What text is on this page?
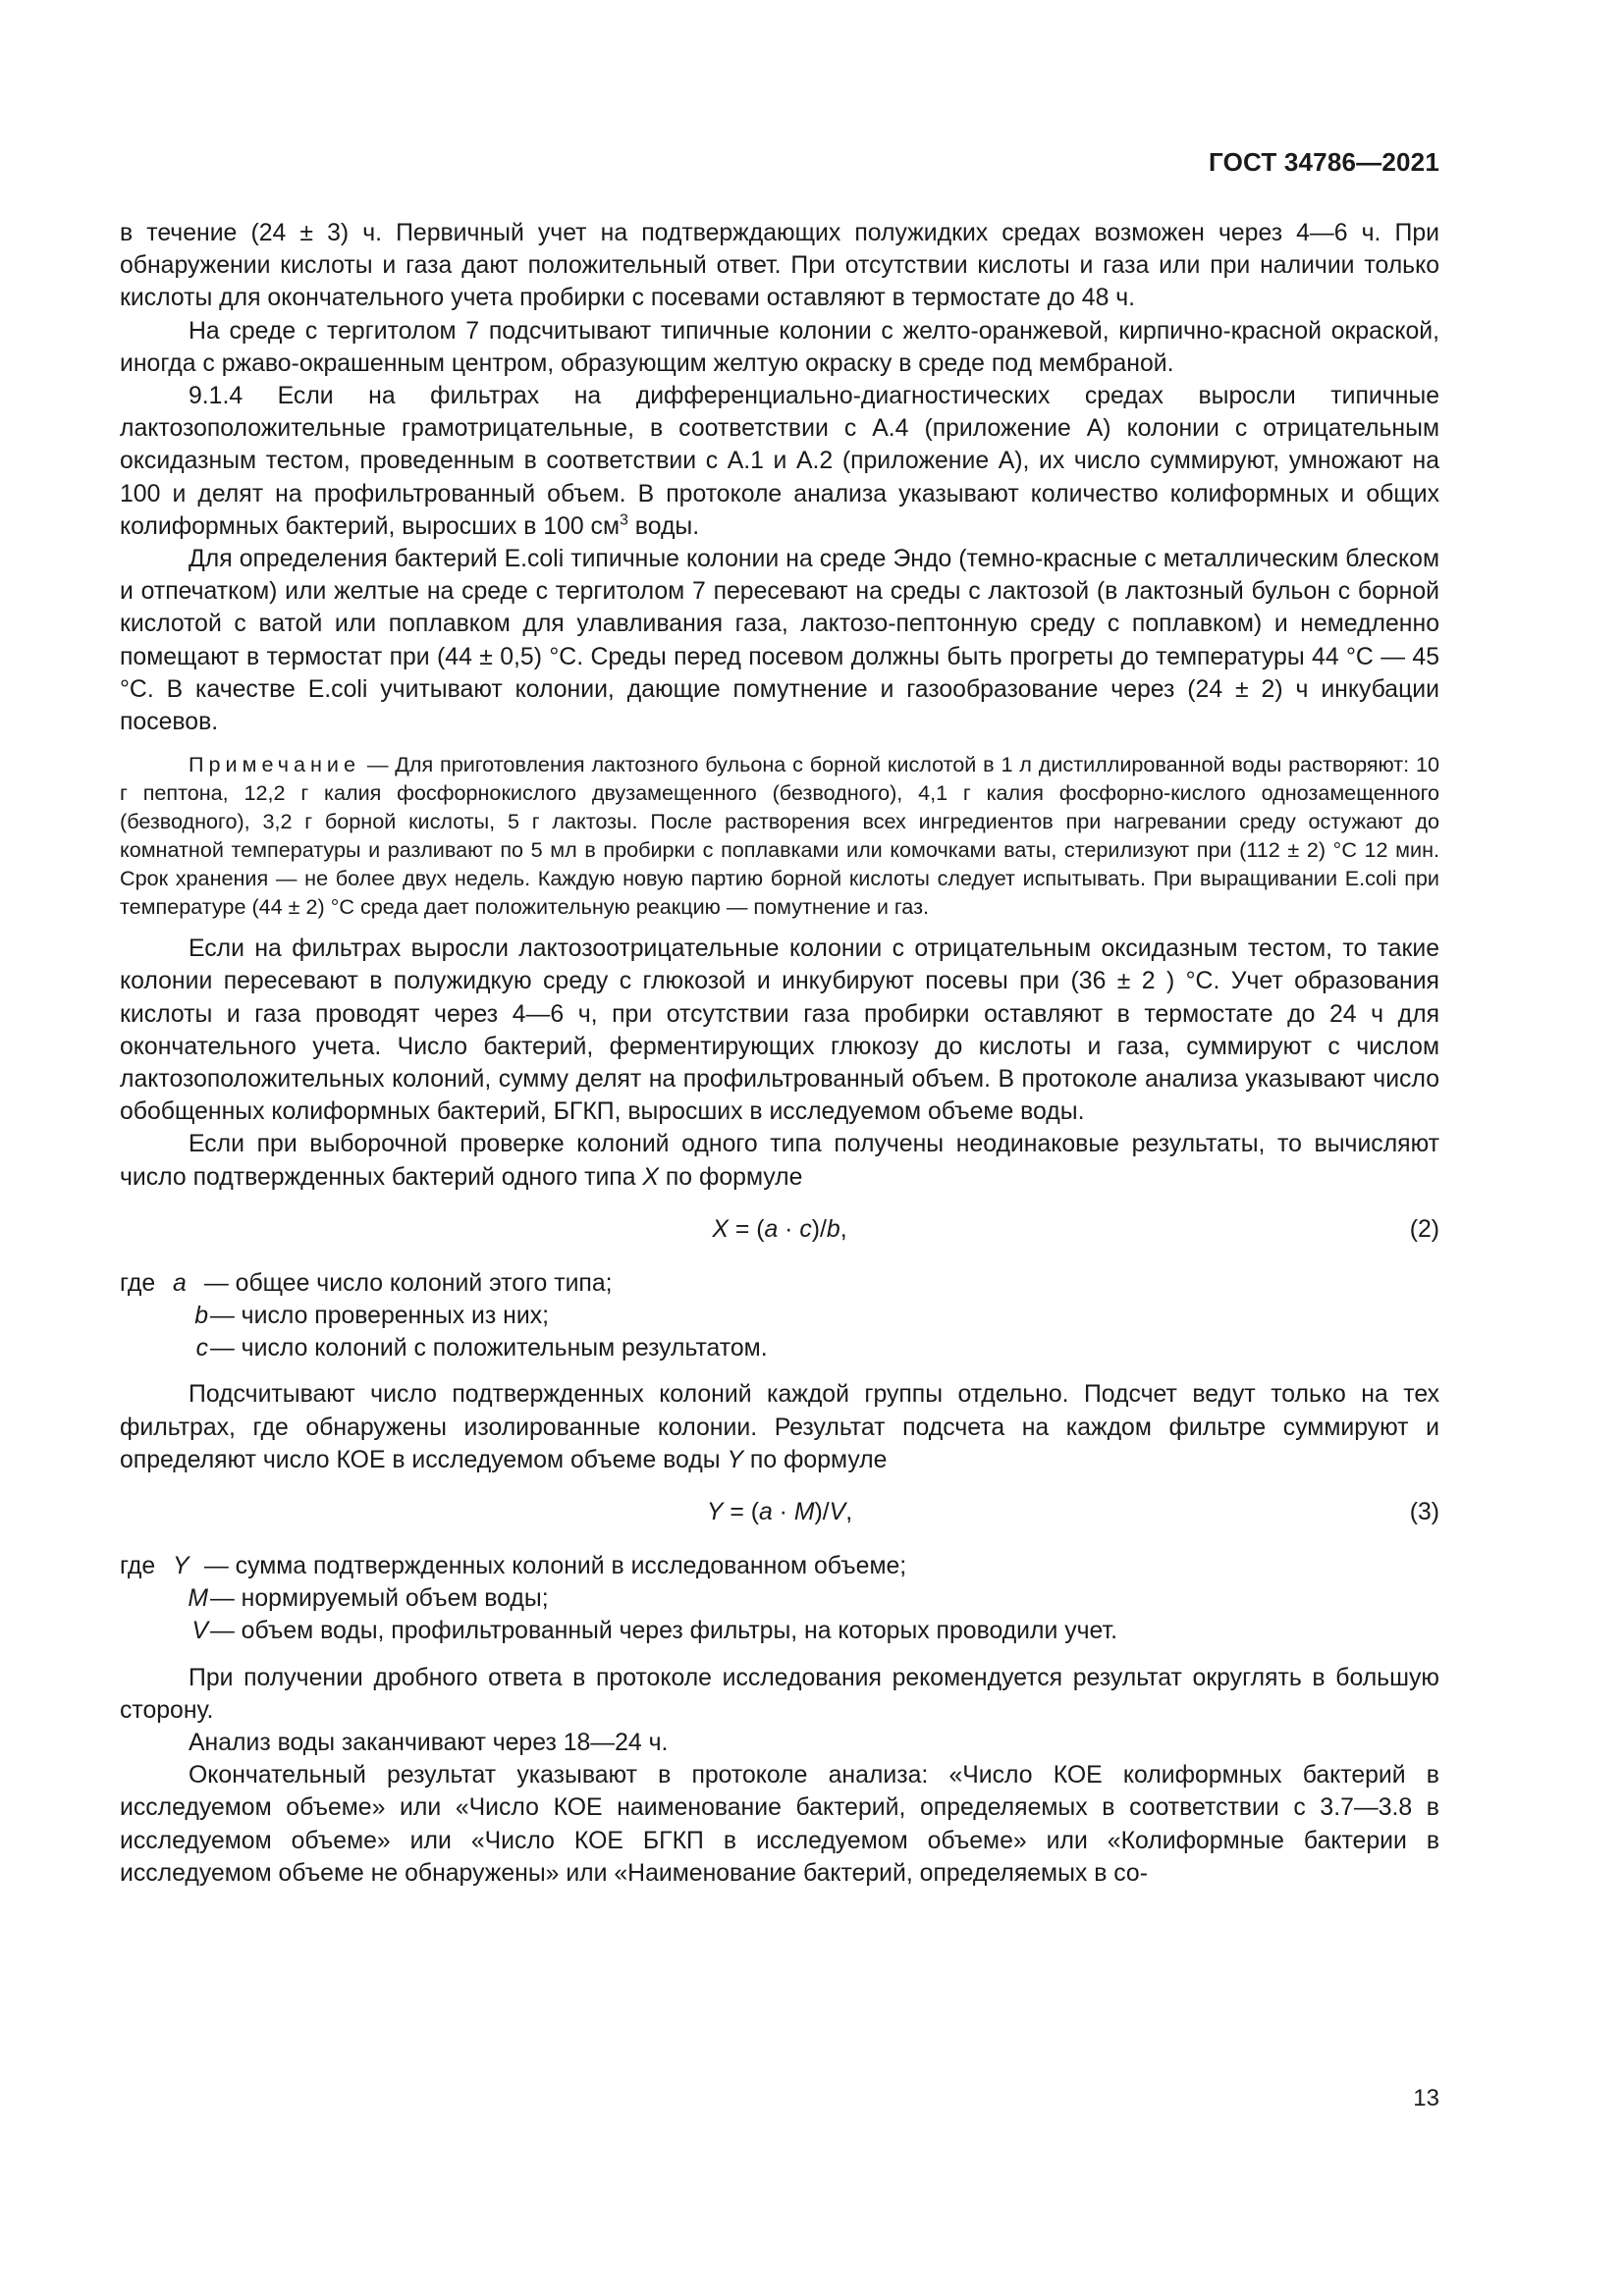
ГОСТ 34786—2021

в течение (24 ± 3) ч. Первичный учет на подтверждающих полужидких средах возможен через 4—6 ч. При обнаружении кислоты и газа дают положительный ответ. При отсутствии кислоты и газа или при наличии только кислоты для окончательного учета пробирки с посевами оставляют в термостате до 48 ч.

На среде с тергитолом 7 подсчитывают типичные колонии с желто-оранжевой, кирпично-красной окраской, иногда с ржаво-окрашенным центром, образующим желтую окраску в среде под мембраной.

9.1.4 Если на фильтрах на дифференциально-диагностических средах выросли типичные лактозоположительные грамотрицательные, в соответствии с А.4 (приложение А) колонии с отрицательным оксидазным тестом, проведенным в соответствии с А.1 и А.2 (приложение А), их число суммируют, умножают на 100 и делят на профильтрованный объем. В протоколе анализа указывают количество колиформных и общих колиформных бактерий, выросших в 100 $см^3$ воды.

Для определения бактерий E.coli типичные колонии на среде Эндо (темно-красные с металлическим блеском и отпечатком) или желтые на среде с тергитолом 7 пересевают на среды с лактозой (в лактозный бульон с борной кислотой с ватой или поплавком для улавливания газа, лактозо-пептонную среду с поплавком) и немедленно помещают в термостат при (44 ± 0,5) °С. Среды перед посевом должны быть прогреты до температуры 44 °С — 45 °С. В качестве E.coli учитывают колонии, дающие помутнение и газообразование через (24 ± 2) ч инкубации посевов.

Примечание — Для приготовления лактозного бульона с борной кислотой в 1 л дистиллированной воды растворяют: 10 г пептона, 12,2 г калия фосфорнокислого двузамещенного (безводного), 4,1 г калия фосфорно-кислого однозамещенного (безводного), 3,2 г борной кислоты, 5 г лактозы. После растворения всех ингредиентов при нагревании среду остужают до комнатной температуры и разливают по 5 мл в пробирки с поплавками или комочками ваты, стерилизуют при (112 ± 2) °С 12 мин. Срок хранения — не более двух недель. Каждую новую партию борной кислоты следует испытывать. При выращивании E.coli при температуре (44 ± 2) °С среда дает положительную реакцию — помутнение и газ.

Если на фильтрах выросли лактозоотрицательные колонии с отрицательным оксидазным тестом, то такие колонии пересевают в полужидкую среду с глюкозой и инкубируют посевы при (36 ± 2 ) °С. Учет образования кислоты и газа проводят через 4—6 ч, при отсутствии газа пробирки оставляют в термостате до 24 ч для окончательного учета. Число бактерий, ферментирующих глюкозу до кислоты и газа, суммируют с числом лактозоположительных колоний, сумму делят на профильтрованный объем. В протоколе анализа указывают число обобщенных колиформных бактерий, БГКП, выросших в исследуемом объеме воды.

Если при выборочной проверке колоний одного типа получены неодинаковые результаты, то вычисляют число подтвержденных бактерий одного типа X по формуле

X = (a · c)/b,	(2)
где a — общее число колоний этого типа;
b — число проверенных из них;
c — число колоний с положительным результатом.

Подсчитывают число подтвержденных колоний каждой группы отдельно. Подсчет ведут только на тех фильтрах, где обнаружены изолированные колонии. Результат подсчета на каждом фильтре суммируют и определяют число КОЕ в исследуемом объеме воды Y по формуле

Y = (a · M)/V,	(3)
где Y — сумма подтвержденных колоний в исследованном объеме;
M — нормируемый объем воды;
V — объем воды, профильтрованный через фильтры, на которых проводили учет.

При получении дробного ответа в протоколе исследования рекомендуется результат округлять в большую сторону.

Анализ воды заканчивают через 18—24 ч.

Окончательный результат указывают в протоколе анализа: «Число КОЕ колиформных бактерий в исследуемом объеме» или «Число КОЕ наименование бактерий, определяемых в соответствии с 3.7—3.8 в исследуемом объеме» или «Число КОЕ БГКП в исследуемом объеме» или «Колиформные бактерии в исследуемом объеме не обнаружены» или «Наименование бактерий, определяемых в со-

13
